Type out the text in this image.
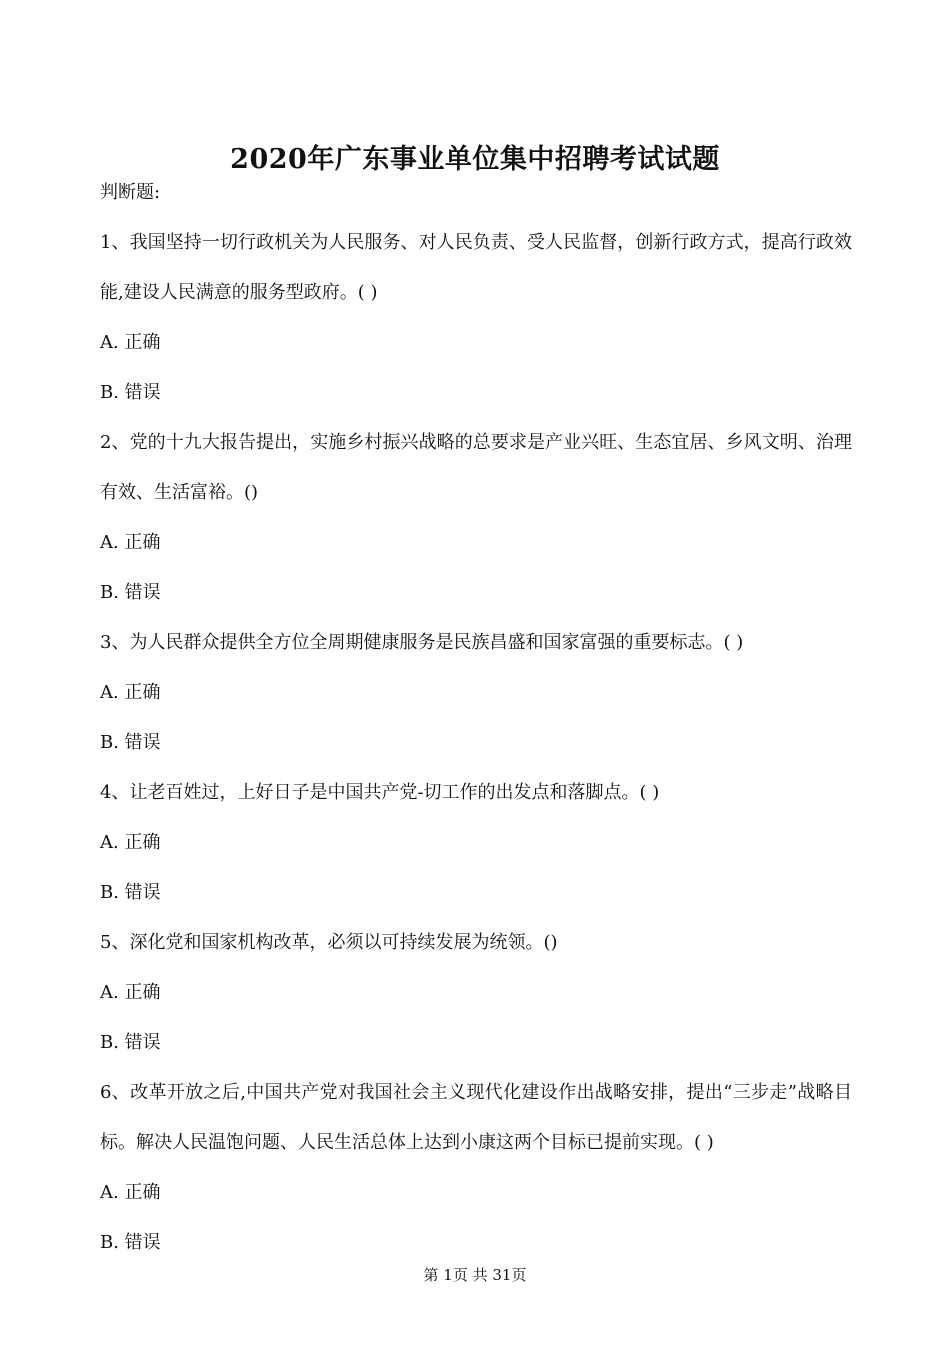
2020年广东事业单位集中招聘考试试题
判断题:
1、我国坚持一切行政机关为人民服务、对人民负责、受人民监督，创新行政方式，提高行政效能,建设人民满意的服务型政府。( )
A. 正确
B. 错误
2、党的十九大报告提出，实施乡村振兴战略的总要求是产业兴旺、生态宜居、乡风文明、治理有效、生活富裕。()
A. 正确
B. 错误
3、为人民群众提供全方位全周期健康服务是民族昌盛和国家富强的重要标志。( )
A. 正确
B. 错误
4、让老百姓过，上好日子是中国共产党-切工作的出发点和落脚点。( )
A. 正确
B. 错误
5、深化党和国家机构改革，必须以可持续发展为统领。()
A. 正确
B. 错误
6、改革开放之后,中国共产党对我国社会主义现代化建设作出战略安排，提出“三步走”战略目标。解决人民温饱问题、人民生活总体上达到小康这两个目标已提前实现。( )
A. 正确
B. 错误
第 1页 共 31页
